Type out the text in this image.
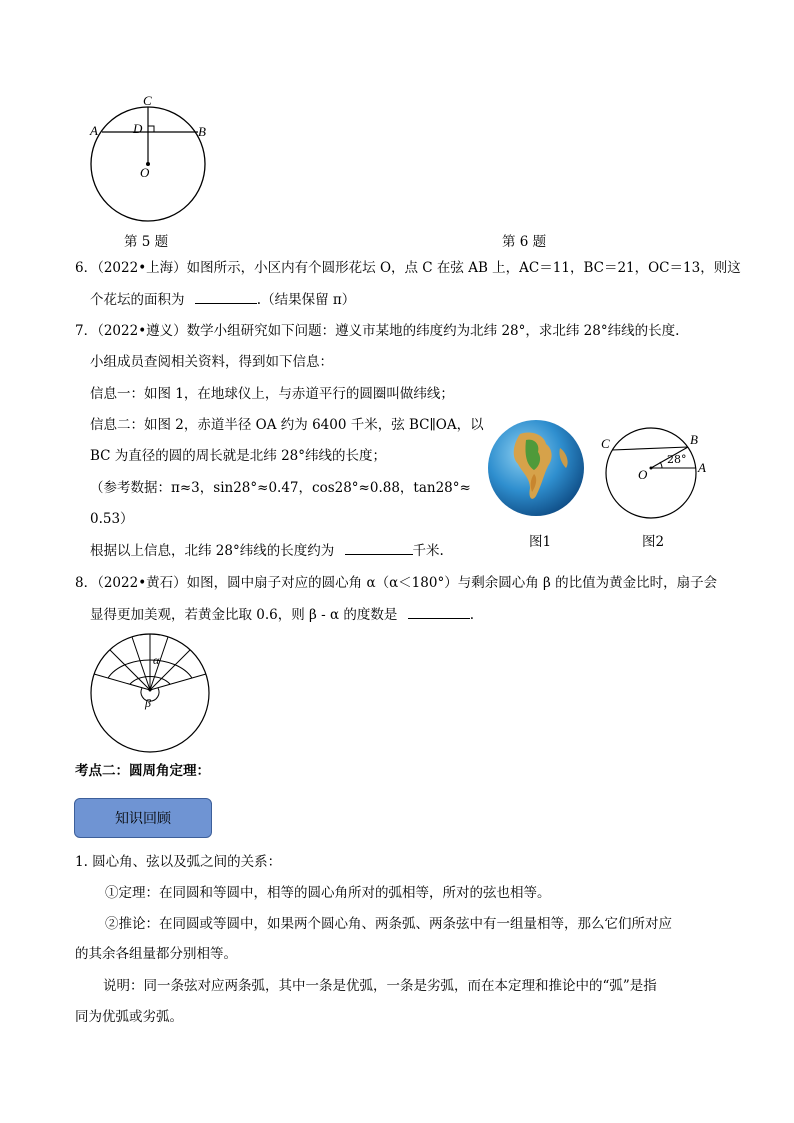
C
A	B
D
O
第 5 题	第 6 题
6．（2022•上海）如图所示，小区内有个圆形花坛 O，点 C 在弦 AB 上，AC＝11，BC＝21，OC＝13，则这
个花坛的面积为	.（结果保留 π）
7．（2022•遵义）数学小组研究如下问题：遵义市某地的纬度约为北纬 28°，求北纬 28°纬线的长度.
小组成员查阅相关资料，得到如下信息：
信息一：如图 1，在地球仪上，与赤道平行的圆圈叫做纬线；
信息二：如图 2，赤道半径 OA 约为 6400 千米，弦 BC∥OA，以
BC 为直径的圆的周长就是北纬 28°纬线的长度；
（参考数据：π≈3，sin28°≈0.47，cos28°≈0.88，tan28°≈
0.53）
根据以上信息，北纬 28°纬线的长度约为	千米.
图1
C	B
A
O
28°
图2
8．（2022•黄石）如图，圆中扇子对应的圆心角 α（α＜180°）与剩余圆心角 β 的比值为黄金比时，扇子会
显得更加美观，若黄金比取 0.6，则 β - α 的度数是	.
α
β
考点二：圆周角定理：
知识回顾
1. 圆心角、弦以及弧之间的关系：
①定理：在同圆和等圆中，相等的圆心角所对的弧相等，所对的弦也相等。
②推论：在同圆或等圆中，如果两个圆心角、两条弧、两条弦中有一组量相等，那么它们所对应
的其余各组量都分别相等。
说明：同一条弦对应两条弧，其中一条是优弧，一条是劣弧，而在本定理和推论中的“弧”是指
同为优弧或劣弧。
